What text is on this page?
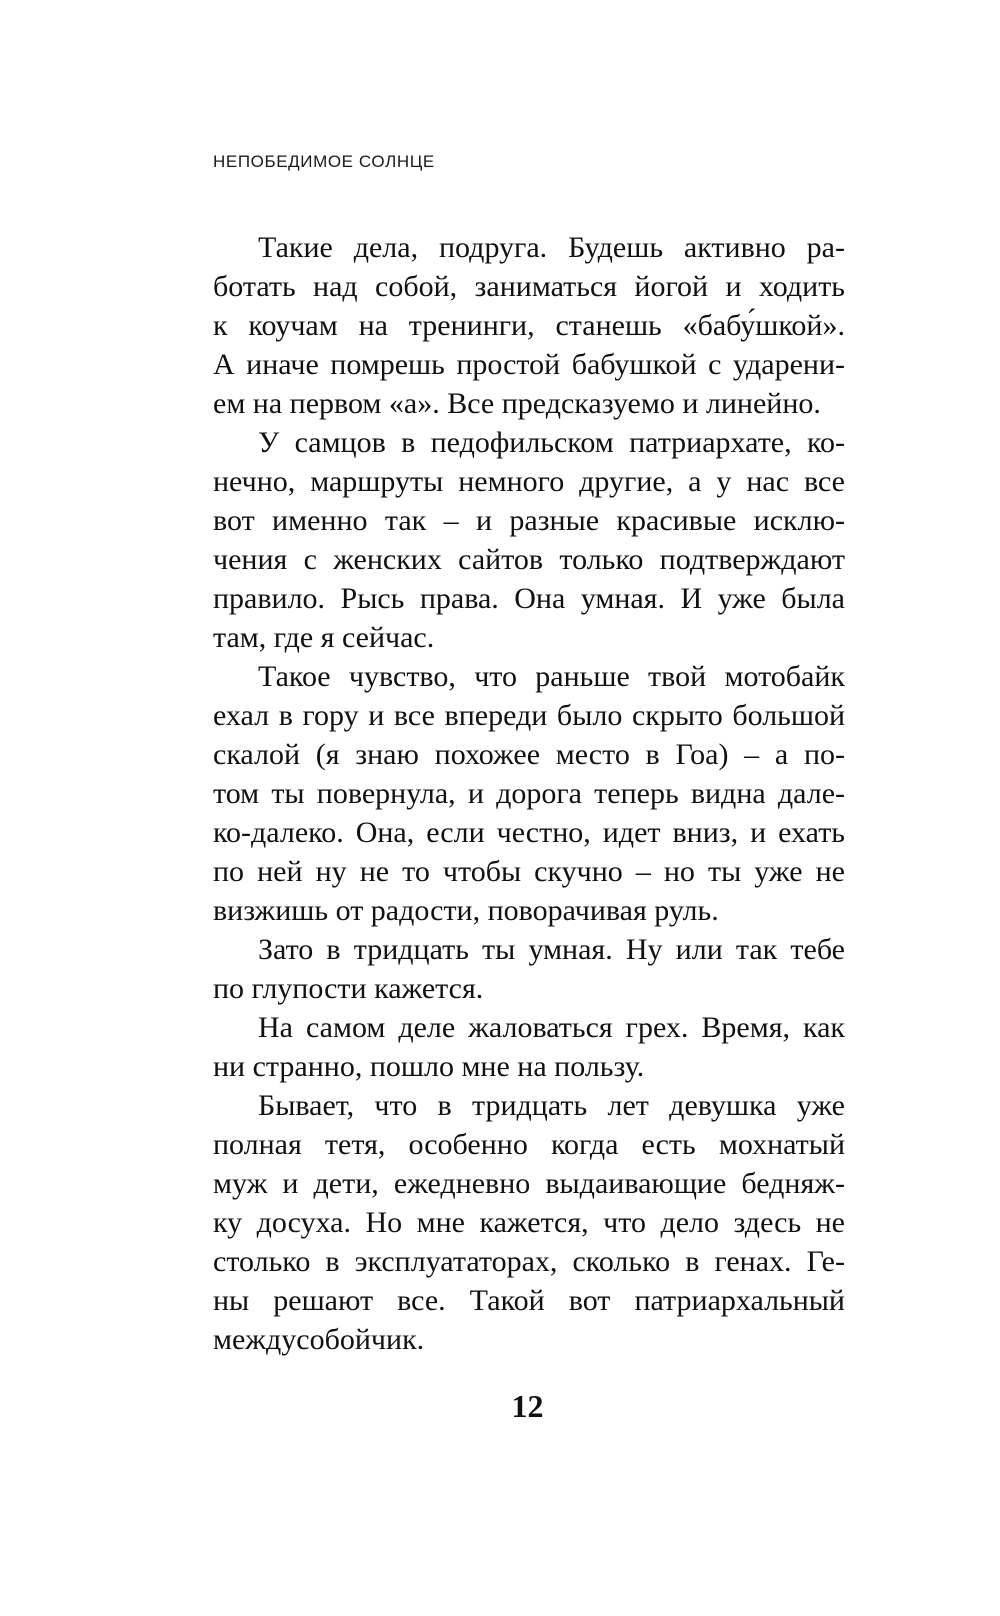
НЕПОБЕДИМОЕ СОЛНЦЕ
Такие дела, подруга. Будешь активно ра-
ботать над собой, заниматься йогой и ходить
к коучам на тренинги, станешь «бабу́шкой».
А иначе помрешь простой бабушкой с ударени-
ем на первом «а». Все предсказуемо и линейно.
У самцов в педофильском патриархате, ко-
нечно, маршруты немного другие, а у нас все
вот именно так – и разные красивые исклю-
чения с женских сайтов только подтверждают
правило. Рысь права. Она умная. И уже была
там, где я сейчас.
Такое чувство, что раньше твой мотобайк
ехал в гору и все впереди было скрыто большой
скалой (я знаю похожее место в Гоа) – а по-
том ты повернула, и дорога теперь видна дале-
ко-далеко. Она, если честно, идет вниз, и ехать
по ней ну не то чтобы скучно – но ты уже не
визжишь от радости, поворачивая руль.
Зато в тридцать ты умная. Ну или так тебе
по глупости кажется.
На самом деле жаловаться грех. Время, как
ни странно, пошло мне на пользу.
Бывает, что в тридцать лет девушка уже
полная тетя, особенно когда есть мохнатый
муж и дети, ежедневно выдаивающие бедняж-
ку досуха. Но мне кажется, что дело здесь не
столько в эксплуататорах, сколько в генах. Ге-
ны решают все. Такой вот патриархальный
междусобойчик.
12
